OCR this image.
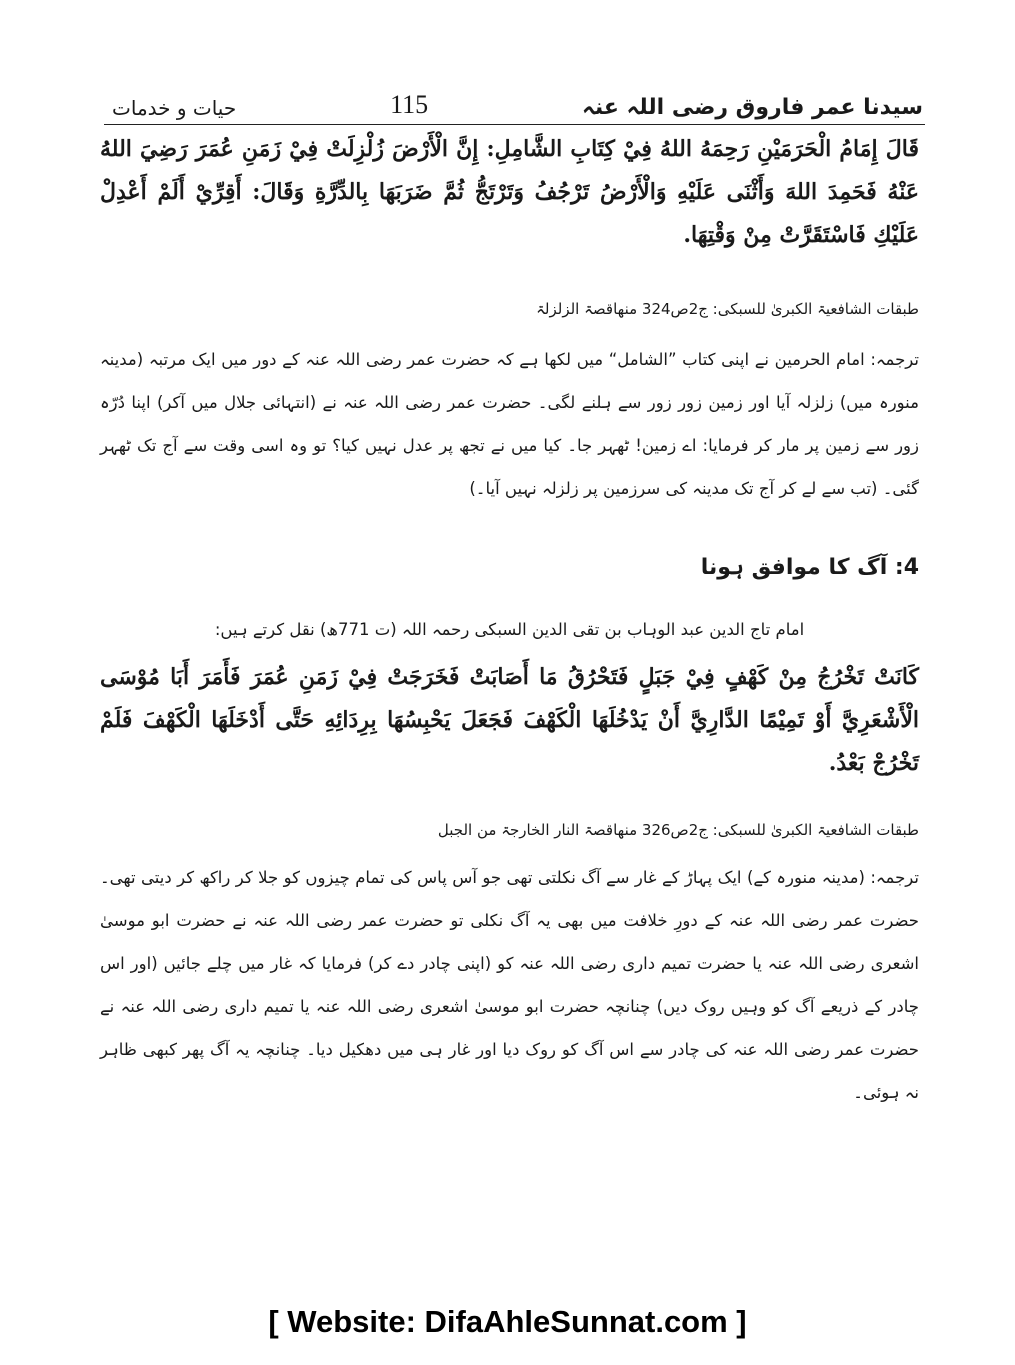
سیدنا عمر فاروق رضی اللہ عنہ
115
حیات و خدمات
قَالَ إِمَامُ الْحَرَمَيْنِ رَحِمَهُ اللهُ فِيْ كِتَابِ الشَّامِلِ: إِنَّ الْأَرْضَ زُلْزِلَتْ فِيْ زَمَنِ عُمَرَ رَضِيَ اللهُ عَنْهُ فَحَمِدَ اللهَ وَأَثْنَى عَلَيْهِ وَالْأَرْضُ تَرْجُفُ وَتَرْتَجُّ ثُمَّ ضَرَبَهَا بِالدِّرَّةِ وَقَالَ: أَقِرِّيْ أَلَمْ أَعْدِلْ عَلَيْكِ فَاسْتَقَرَّتْ مِنْ وَقْتِهَا.
طبقات الشافعیۃ الکبریٰ للسبکی: ج2ص324 منھاقصۃ الزلزلۃ
ترجمہ: امام الحرمین نے اپنی کتاب ”الشامل“ میں لکھا ہے کہ حضرت عمر رضی اللہ عنہ کے دور میں ایک مرتبہ (مدینہ منورہ میں) زلزلہ آیا اور زمین زور زور سے ہلنے لگی۔ حضرت عمر رضی اللہ عنہ نے (انتہائی جلال میں آکر) اپنا دُرّہ زور سے زمین پر مار کر فرمایا: اے زمین! ٹھہر جا۔ کیا میں نے تجھ پر عدل نہیں کیا؟ تو وہ اسی وقت سے آج تک ٹھہر گئی۔ (تب سے لے کر آج تک مدینہ کی سرزمین پر زلزلہ نہیں آیا۔)
4: آگ کا موافق ہونا
امام تاج الدین عبد الوہاب بن تقی الدین السبکی رحمہ اللہ (ت 771ھ) نقل کرتے ہیں:
كَانَتْ تَخْرُجُ مِنْ كَهْفٍ فِيْ جَبَلٍ فَتَحْرُقُ مَا أَصَابَتْ فَخَرَجَتْ فِيْ زَمَنِ عُمَرَ فَأَمَرَ أَبَا مُوْسَى الْأَشْعَرِيَّ أَوْ تَمِيْمًا الدَّارِيَّ أَنْ يَدْخُلَهَا الْكَهْفَ فَجَعَلَ يَحْبِسُهَا بِرِدَائِهِ حَتَّى أَدْخَلَهَا الْكَهْفَ فَلَمْ تَخْرُجْ بَعْدُ.
طبقات الشافعیۃ الکبریٰ للسبکی: ج2ص326 منھاقصۃ النار الخارجۃ من الجبل
ترجمہ: (مدینہ منورہ کے) ایک پہاڑ کے غار سے آگ نکلتی تھی جو آس پاس کی تمام چیزوں کو جلا کر راکھ کر دیتی تھی۔ حضرت عمر رضی اللہ عنہ کے دورِ خلافت میں بھی یہ آگ نکلی تو حضرت عمر رضی اللہ عنہ نے حضرت ابو موسیٰ اشعری رضی اللہ عنہ یا حضرت تمیم داری رضی اللہ عنہ کو (اپنی چادر دے کر) فرمایا کہ غار میں چلے جائیں (اور اس چادر کے ذریعے آگ کو وہیں روک دیں) چنانچہ حضرت ابو موسیٰ اشعری رضی اللہ عنہ یا تمیم داری رضی اللہ عنہ نے حضرت عمر رضی اللہ عنہ کی چادر سے اس آگ کو روک دیا اور غار ہی میں دھکیل دیا۔ چنانچہ یہ آگ پھر کبھی ظاہر نہ ہوئی۔
[ Website: DifaAhleSunnat.com ]
